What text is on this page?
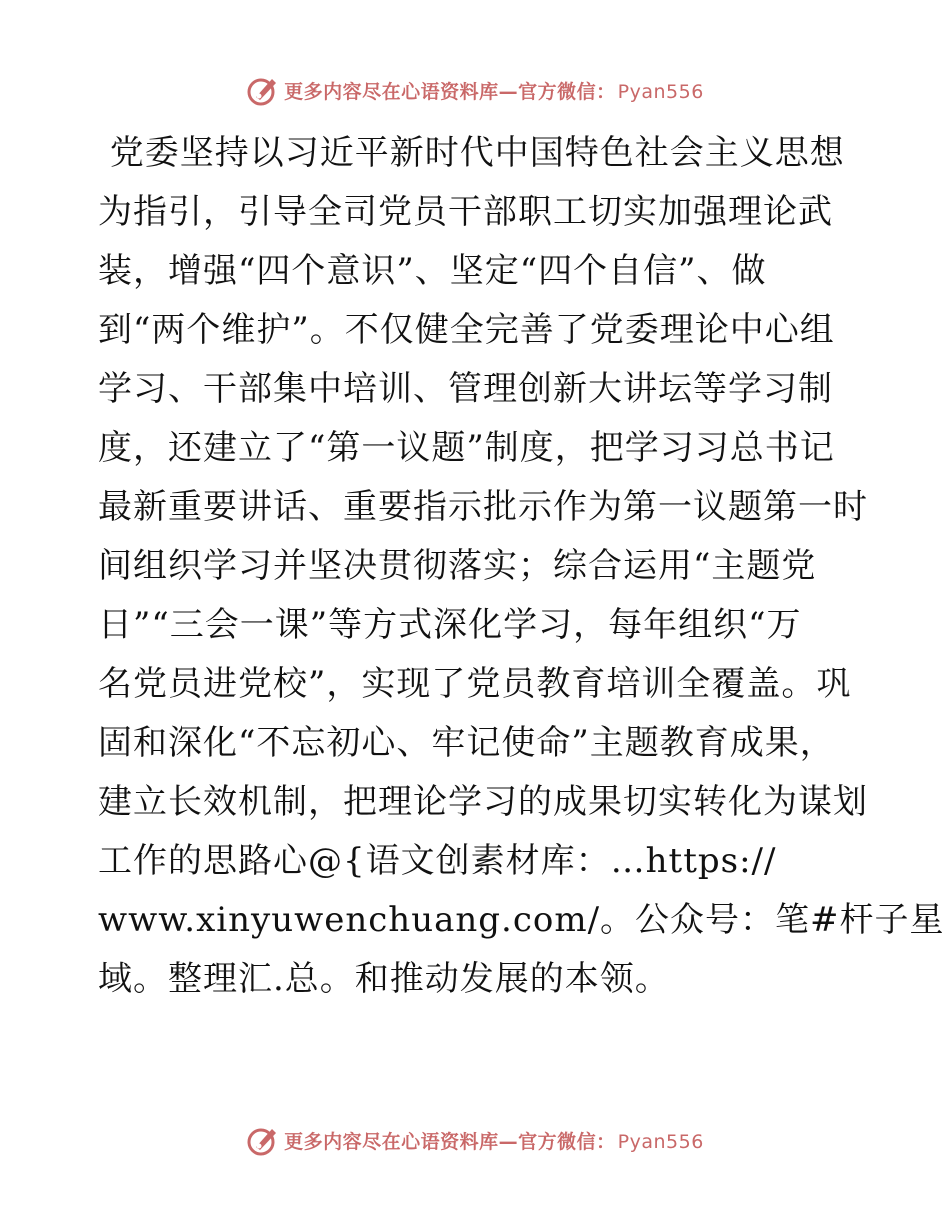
更多内容尽在心语资料库—官方微信： Pyan556
党委坚持以习近平新时代中国特色社会主义思想
为指引，引导全司党员干部职工切实加强理论武
装，增强“四个意识”、坚定“四个自信”、做
到“两个维护”。不仅健全完善了党委理论中心组
学习、干部集中培训、管理创新大讲坛等学习制
度，还建立了“第一议题”制度，把学习习总书记
最新重要讲话、重要指示批示作为第一议题第一时
间组织学习并坚决贯彻落实；综合运用“主题党
日”“三会一课”等方式深化学习，每年组织“万
名党员进党校”，实现了党员教育培训全覆盖。巩
固和深化“不忘初心、牢记使命”主题教育成果，
建立长效机制，把理论学习的成果切实转化为谋划
工作的思路心@{语文创素材库：…https://
www.xinyuwenchuang.com/。公众号：笔#杆子星
域。整理汇.总。和推动发展的本领。
更多内容尽在心语资料库—官方微信： Pyan556
